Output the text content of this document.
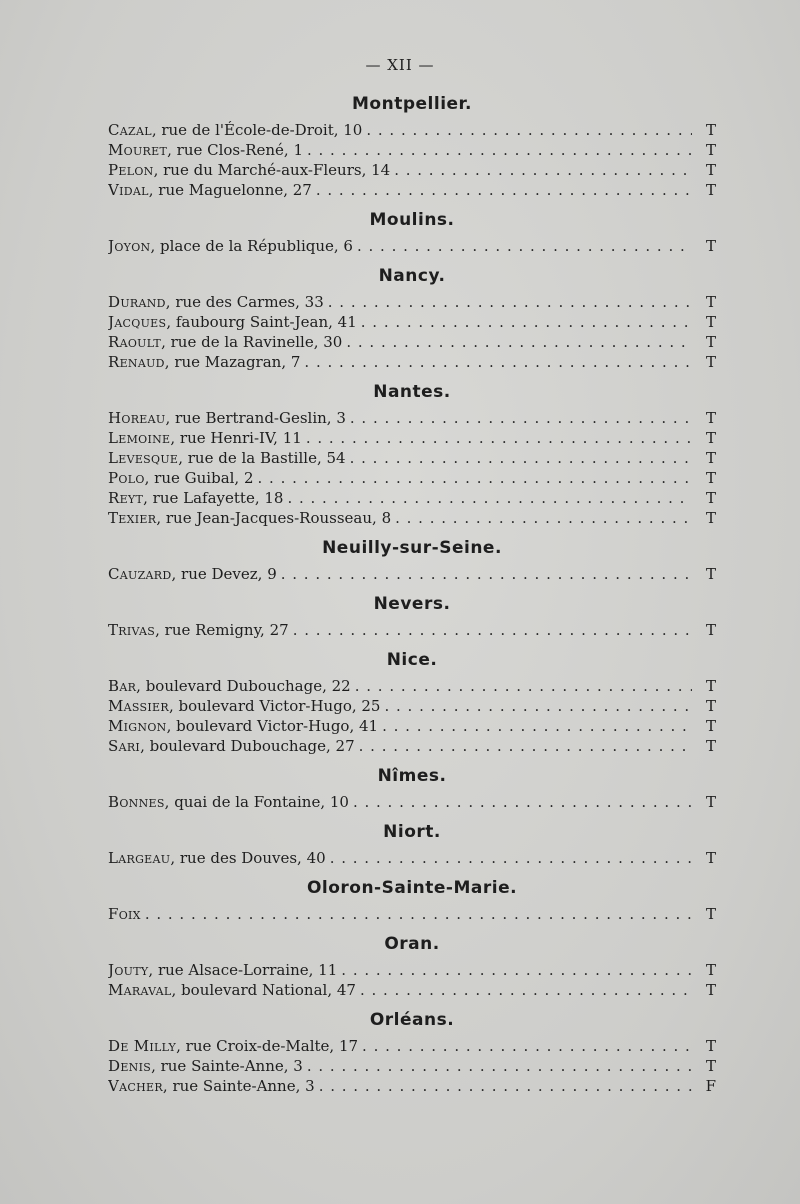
— XII —
Montpellier.
Cazal, rue de l'École-de-Droit, 10 . . .	T
Mouret, rue Clos-René, 1 . . .	T
Pelon, rue du Marché-aux-Fleurs, 14 . . .	T
Vidal, rue Maguelonne, 27 . . .	T
Moulins.
Joyon, place de la République, 6 . . .	T
Nancy.
Durand, rue des Carmes, 33 . . .	T
Jacques, faubourg Saint-Jean, 41 . . .	T
Raoult, rue de la Ravinelle, 30 . . .	T
Renaud, rue Mazagran, 7 . . .	T
Nantes.
Horeau, rue Bertrand-Geslin, 3 . . .	T
Lemoine, rue Henri-IV, 11 . . .	T
Levesque, rue de la Bastille, 54 . . .	T
Polo, rue Guibal, 2 . . .	T
Reyt, rue Lafayette, 18 . . .	T
Texier, rue Jean-Jacques-Rousseau, 8 . . .	T
Neuilly-sur-Seine.
Cauzard, rue Devez, 9 . . .	T
Nevers.
Trivas, rue Remigny, 27 . . .	T
Nice.
Bar, boulevard Dubouchage, 22 . . .	T
Massier, boulevard Victor-Hugo, 25 . . .	T
Mignon, boulevard Victor-Hugo, 41 . . .	T
Sari, boulevard Dubouchage, 27 . . .	T
Nîmes.
Bonnes, quai de la Fontaine, 10 . . .	T
Niort.
Largeau, rue des Douves, 40 . . .	T
Oloron-Sainte-Marie.
Foix . . .	T
Oran.
Jouty, rue Alsace-Lorraine, 11 . . .	T
Maraval, boulevard National, 47 . . .	T
Orléans.
De Milly, rue Croix-de-Malte, 17 . . .	T
Denis, rue Sainte-Anne, 3 . . .	T
Vacher, rue Sainte-Anne, 3 . . .	F
